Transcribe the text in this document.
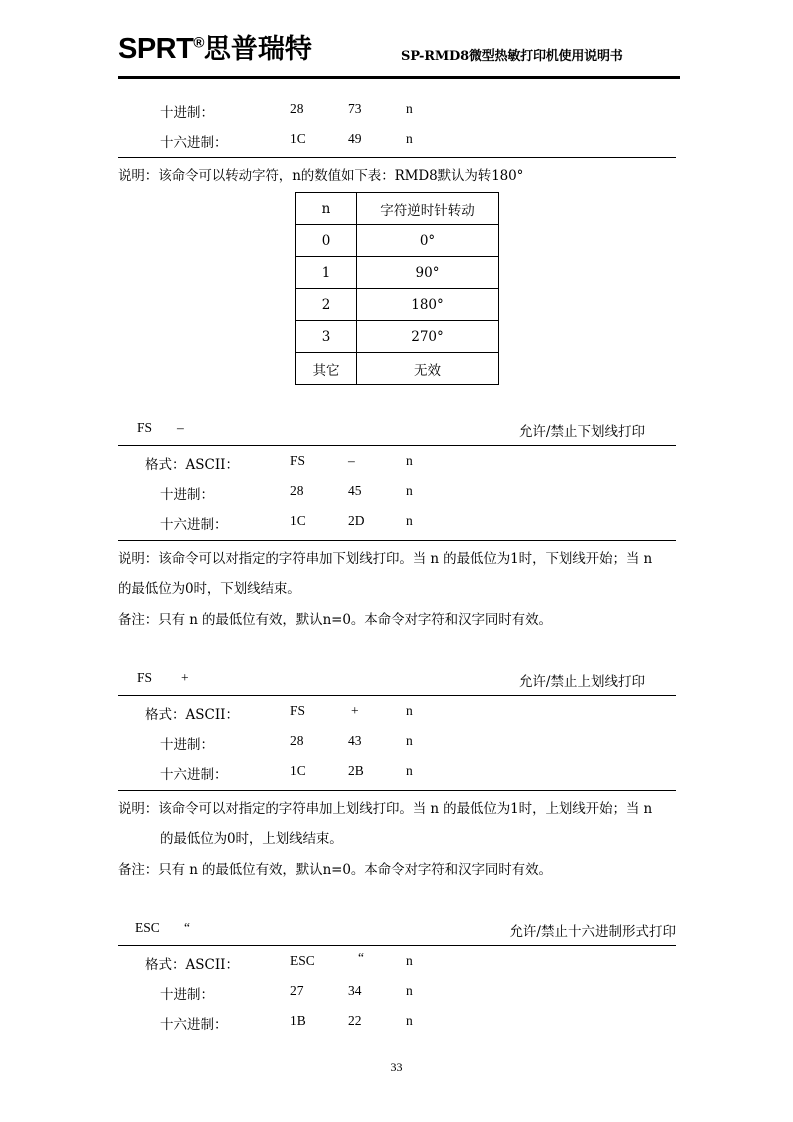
SPRT®思普瑞特	SP-RMD8微型热敏打印机使用说明书
十进制：	28	73	n
十六进制：	1C	49	n
说明：该命令可以转动字符，n的数值如下表：RMD8默认为转180°
n	字符逆时针转动
0	0°
1	90°
2	180°
3	270°
其它	无效
FS –	允许/禁止下划线打印
格式：ASCII：	FS	–	n
十进制：	28	45	n
十六进制：	1C	2D	n
说明：该命令可以对指定的字符串加下划线打印。当 n 的最低位为1时，下划线开始；当 n
的最低位为0时，下划线结束。
备注：只有 n 的最低位有效，默认n=0。本命令对字符和汉字同时有效。
FS +	允许/禁止上划线打印
格式：ASCII：	FS	+	n
十进制：	28	43	n
十六进制：	1C	2B	n
说明：该命令可以对指定的字符串加上划线打印。当 n 的最低位为1时，上划线开始；当 n
的最低位为0时，上划线结束。
备注：只有 n 的最低位有效，默认n=0。本命令对字符和汉字同时有效。
ESC “	允许/禁止十六进制形式打印
格式：ASCII：	ESC	“	n
十进制：	27	34	n
十六进制：	1B	22	n
33
